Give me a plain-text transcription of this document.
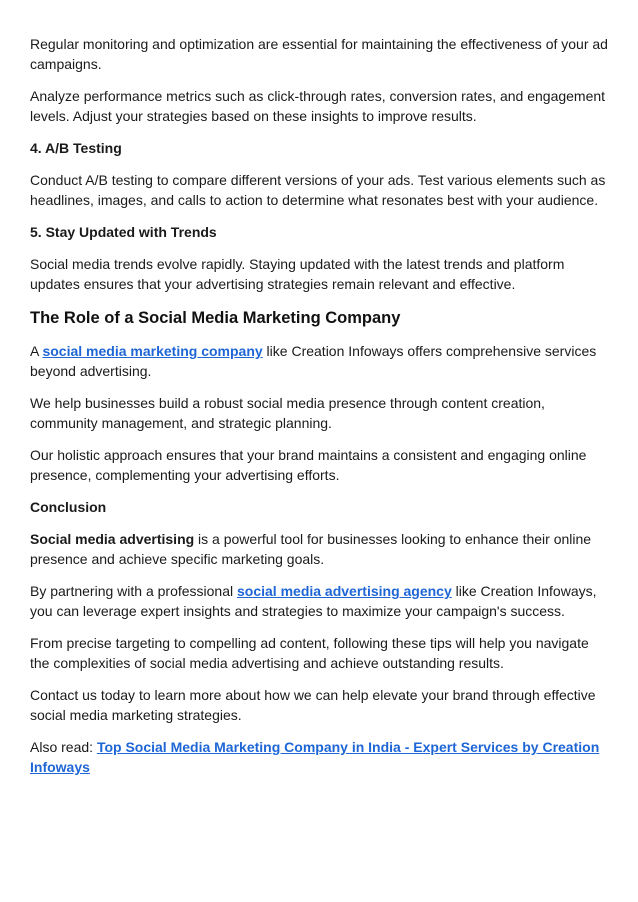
Regular monitoring and optimization are essential for maintaining the effectiveness of your ad campaigns.

Analyze performance metrics such as click-through rates, conversion rates, and engagement levels. Adjust your strategies based on these insights to improve results.

4. A/B Testing

Conduct A/B testing to compare different versions of your ads. Test various elements such as headlines, images, and calls to action to determine what resonates best with your audience.

5. Stay Updated with Trends

Social media trends evolve rapidly. Staying updated with the latest trends and platform updates ensures that your advertising strategies remain relevant and effective.

The Role of a Social Media Marketing Company

A social media marketing company like Creation Infoways offers comprehensive services beyond advertising.

We help businesses build a robust social media presence through content creation, community management, and strategic planning.

Our holistic approach ensures that your brand maintains a consistent and engaging online presence, complementing your advertising efforts.

Conclusion

Social media advertising is a powerful tool for businesses looking to enhance their online presence and achieve specific marketing goals.

By partnering with a professional social media advertising agency like Creation Infoways, you can leverage expert insights and strategies to maximize your campaign's success.

From precise targeting to compelling ad content, following these tips will help you navigate the complexities of social media advertising and achieve outstanding results.

Contact us today to learn more about how we can help elevate your brand through effective social media marketing strategies.

Also read: Top Social Media Marketing Company in India - Expert Services by Creation Infoways
